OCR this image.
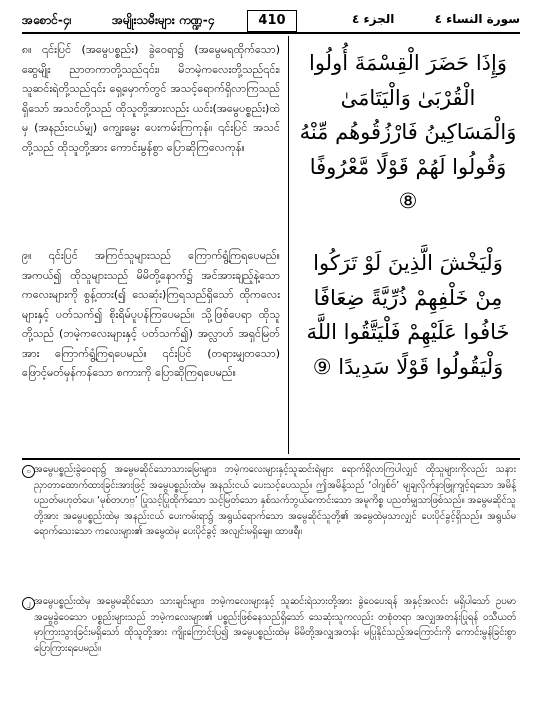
အစောင်-၄၊	အမျိုးသမီးများ ကဏ္ဍ-၄	410	الجزء ٤	سورة النساء ٤
၈။ ၎င်းပြင် (အမွေပစ္စည်း) ခွဲဝေရာ၌ (အမွေမရထိုက်သော) ဆွေမျိုး ညာတကာတို့သည်၎င်း၊ မိဘမဲ့ကလေးတို့သည်၎င်း၊ သူဆင်းရဲတို့သည်၎င်း ရှေ့မှောက်တွင် အသင့်ရောက်ရှိလာကြသည်ရှိသော် အသင်တို့သည် ထိုသူတို့အားလည်း ယင်း(အမွေပစ္စည်း)ထဲမှ (အနည်းငယ်မျှ) ကျွေးမွေး ပေးကမ်းကြကုန်။ ၎င်းပြင် အသင်တို့သည် ထိုသူတို့အား ကောင်းမွန်စွာ ပြောဆိုကြလေကုန်။
၉။ ၎င်းပြင် အကြင်သူများသည် ကြောက်ရွံ့ကြရပေမည်။ အကယ်၍ ထိုသူများသည် မိမိတို့နောက်၌ အင်အားချည့်နဲ့သော ကလေးများကို စွန့်ထား(၍ သေဆုံး)ကြရသည်ရှိသော် ထိုကလေးများနှင့် ပတ်သက်၍ စိုးရိမ်ပူပန်ကြပေမည်။ သို့ဖြစ်ပေရာ ထိုသူတို့သည် (ဘမဲ့ကလေးများနှင့် ပတ်သက်၍) အလ္လာဟ် အရှင်မြတ်အား ကြောက်ရွံ့ကြရပေမည်။ ၎င်းပြင် (တရားမျှတသော) ဖြောင့်မတ်မှန်ကန်သော စကားကို ပြောဆိုကြရပေမည်။
وَإِذَا حَضَرَ الْقِسْمَةَ أُولُوا الْقُرْبَىٰ وَالْيَتَامَىٰ وَالْمَسَاكِينُ فَارْزُقُوهُم مِّنْهُ وَقُولُوا لَهُمْ قَوْلًا مَّعْرُوفًا ⑧
وَلْيَخْشَ الَّذِينَ لَوْ تَرَكُوا مِنْ خَلْفِهِمْ ذُرِّيَّةً ضِعَافًا خَافُوا عَلَيْهِمْ فَلْيَتَّقُوا اللَّهَ وَلْيَقُولُوا قَوْلًا سَدِيدًا ⑨
ဝ အမွေပစ္စည်းခွဲဝေရာ၌ အမွေမဆိုင်သောသားမြေးများ၊ ဘမဲ့ကလေးများနှင့်သူဆင်းရဲများ ရောက်ရှိလာကြပါလျှင် ထိုသူများကိုလည်း သနားညှာတာထောက်ထားခြင်းအားဖြင့် အမွေပစ္စည်းထဲမှ အနည်းငယ် ပေးသင့်ပေသည်။ ဤအမိန့်သည် ‘ဝါဂျစ်ဗ်’ မျချလိုက်နာဖြူကျင့်ရသော အမိန့်ပညတ်မဟုတ်ပေ၊ ‘မုစ်တဟဗ္’ ပြုသင့်ပြုထိုက်သော သင့်မြတ်သော နှစ်သက်ဘွယ်ကောင်းသော အမူကိစ္စ ပညတ်မျှသာဖြစ်သည်။ အမွေမဆိုင်သူတို့အား အမွေပစ္စည်းထဲမှ အနည်းငယ် ပေးကမ်းရာ၌ အရွယ်ရောက်သော အမွေဆိုင်သူတို့၏ အမွေထဲမှသာလျှင် ပေးပိုင်ခွင့်ရှိသည်။ အရွယ်မရောက်သေးသော ကလေးများ၏ အမွေထဲမှ ပေးပိုင်ခွင့် အလျင်းမရှိချေ။ ထာဖရီ။
၂ အမွေပစ္စည်းထဲမှ အမွေမဆိုင်သော သားချင်းများ၊ ဘမဲ့ကလေးများနှင့် သူဆင်းရဲသားတို့အား ခွဲဝေပေးရန် အနှင့်အလင်း မရှိပါသော် ဥပမာ အမွေခွဲဝေသော ပစ္စည်းများသည် ဘမဲ့ကလေးများ၏ ပစ္စည်းဖြစ်နေသည်ရှိသော် သေဆုံးသူကလည်း တစုံတရာ အလျှအတန်းပြုရန် ဝသီယတ် မှာကြားသွားခြင်းမရှိသော် ထိုသူတို့အား ကျိုးကြောင်းပြ၍ အမွေပစ္စည်းထဲမှ မိမိတို့အလျှအတန်း မပြုနိုင်သည့်အကြောင်းကို ကောင်းမွန်ခြင်းစွာ ပြောကြားရပေမည်။
